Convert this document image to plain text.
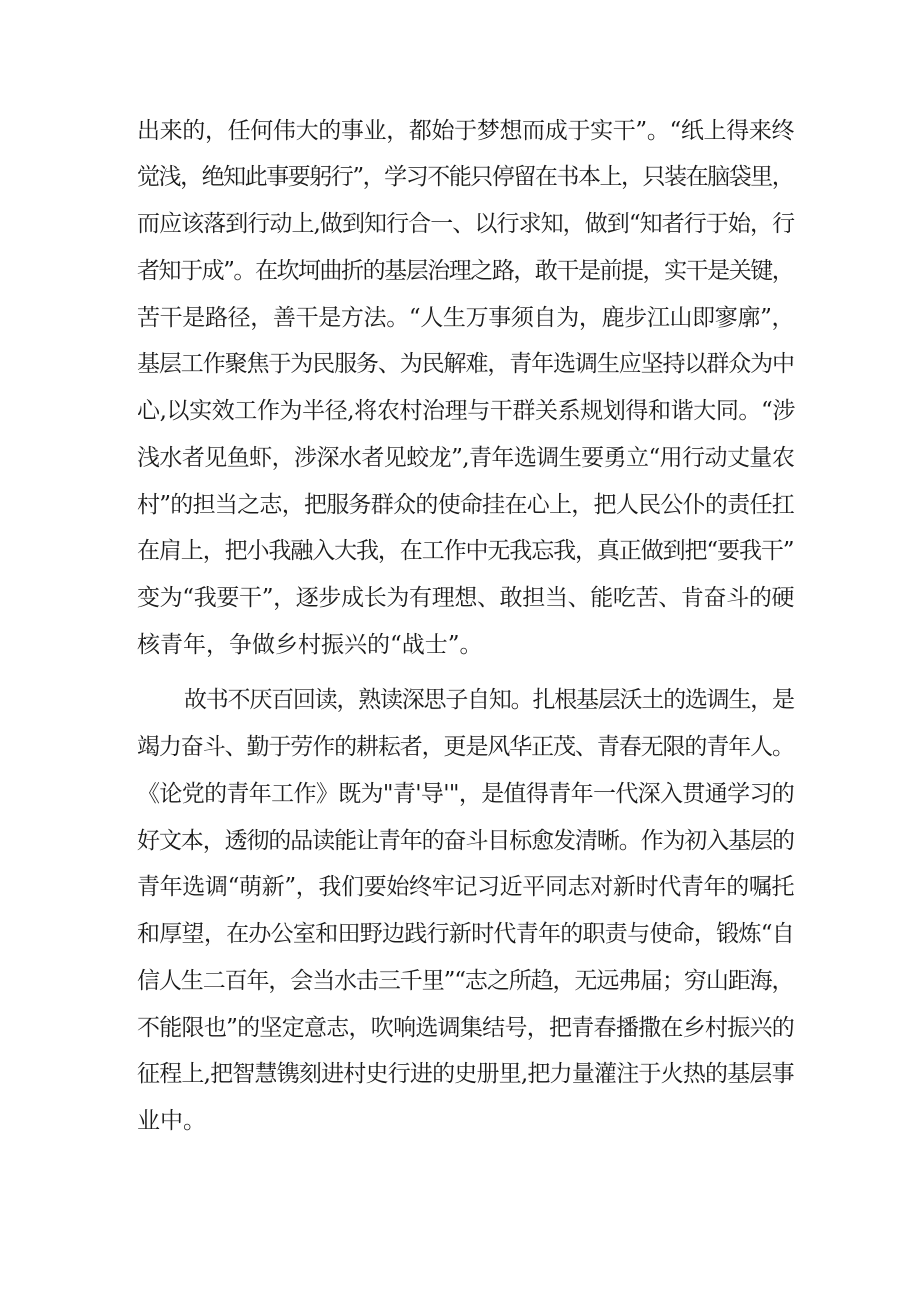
出来的，任何伟大的事业，都始于梦想而成于实干”。“纸上得来终
觉浅，绝知此事要躬行”，学习不能只停留在书本上，只装在脑袋里，
而应该落到行动上,做到知行合一、以行求知，做到“知者行于始，行
者知于成”。在坎坷曲折的基层治理之路，敢干是前提，实干是关键，
苦干是路径，善干是方法。“人生万事须自为，鹿步江山即寥廓”，
基层工作聚焦于为民服务、为民解难，青年选调生应坚持以群众为中
心,以实效工作为半径,将农村治理与干群关系规划得和谐大同。“涉
浅水者见鱼虾，涉深水者见蛟龙”,青年选调生要勇立“用行动丈量农
村”的担当之志，把服务群众的使命挂在心上，把人民公仆的责任扛
在肩上，把小我融入大我，在工作中无我忘我，真正做到把“要我干”
变为“我要干”，逐步成长为有理想、敢担当、能吃苦、肯奋斗的硬
核青年，争做乡村振兴的“战士”。
故书不厌百回读，熟读深思子自知。扎根基层沃土的选调生，是
竭力奋斗、勤于劳作的耕耘者，更是风华正茂、青春无限的青年人。
《论党的青年工作》既为"青'导'"，是值得青年一代深入贯通学习的
好文本，透彻的品读能让青年的奋斗目标愈发清晰。作为初入基层的
青年选调“萌新”，我们要始终牢记习近平同志对新时代青年的嘱托
和厚望，在办公室和田野边践行新时代青年的职责与使命，锻炼“自
信人生二百年，会当水击三千里”“志之所趋，无远弗届；穷山距海，
不能限也”的坚定意志，吹响选调集结号，把青春播撒在乡村振兴的
征程上,把智慧镌刻进村史行进的史册里,把力量灌注于火热的基层事
业中。
